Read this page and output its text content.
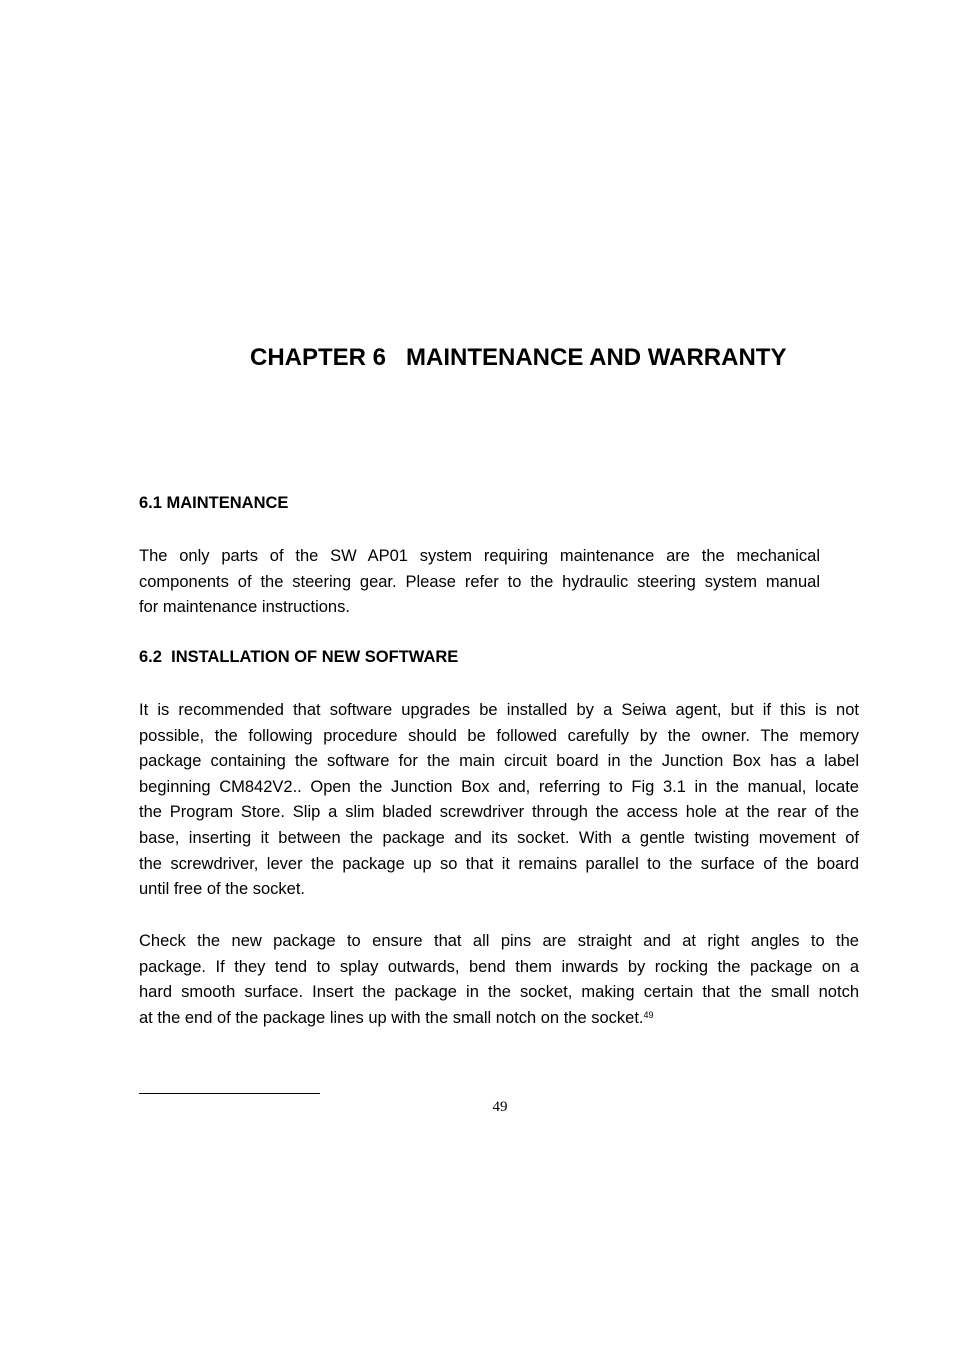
CHAPTER 6   MAINTENANCE AND WARRANTY
6.1 MAINTENANCE
The only parts of the SW AP01 system requiring maintenance are the mechanical
components of the steering gear. Please refer to the hydraulic steering system manual
for maintenance instructions.
6.2  INSTALLATION OF NEW SOFTWARE
It is recommended that software upgrades be installed by a Seiwa agent, but if this is not
possible, the following procedure should be followed carefully by the owner. The memory
package containing the software for the main circuit board in the Junction Box has a label
beginning CM842V2.. Open the Junction Box and, referring to Fig 3.1 in the manual, locate
the Program Store. Slip a slim bladed screwdriver through the access hole at the rear of the
base, inserting it between the package and its socket. With a gentle twisting movement of
the screwdriver, lever the package up so that it remains parallel to the surface of the board
until free of the socket.
Check the new package to ensure that all pins are straight and at right angles to the
package. If they tend to splay outwards, bend them inwards by rocking the package on a
hard smooth surface. Insert the package in the socket, making certain that the small notch
at the end of the package lines up with the small notch on the socket.$^{49}$
49
